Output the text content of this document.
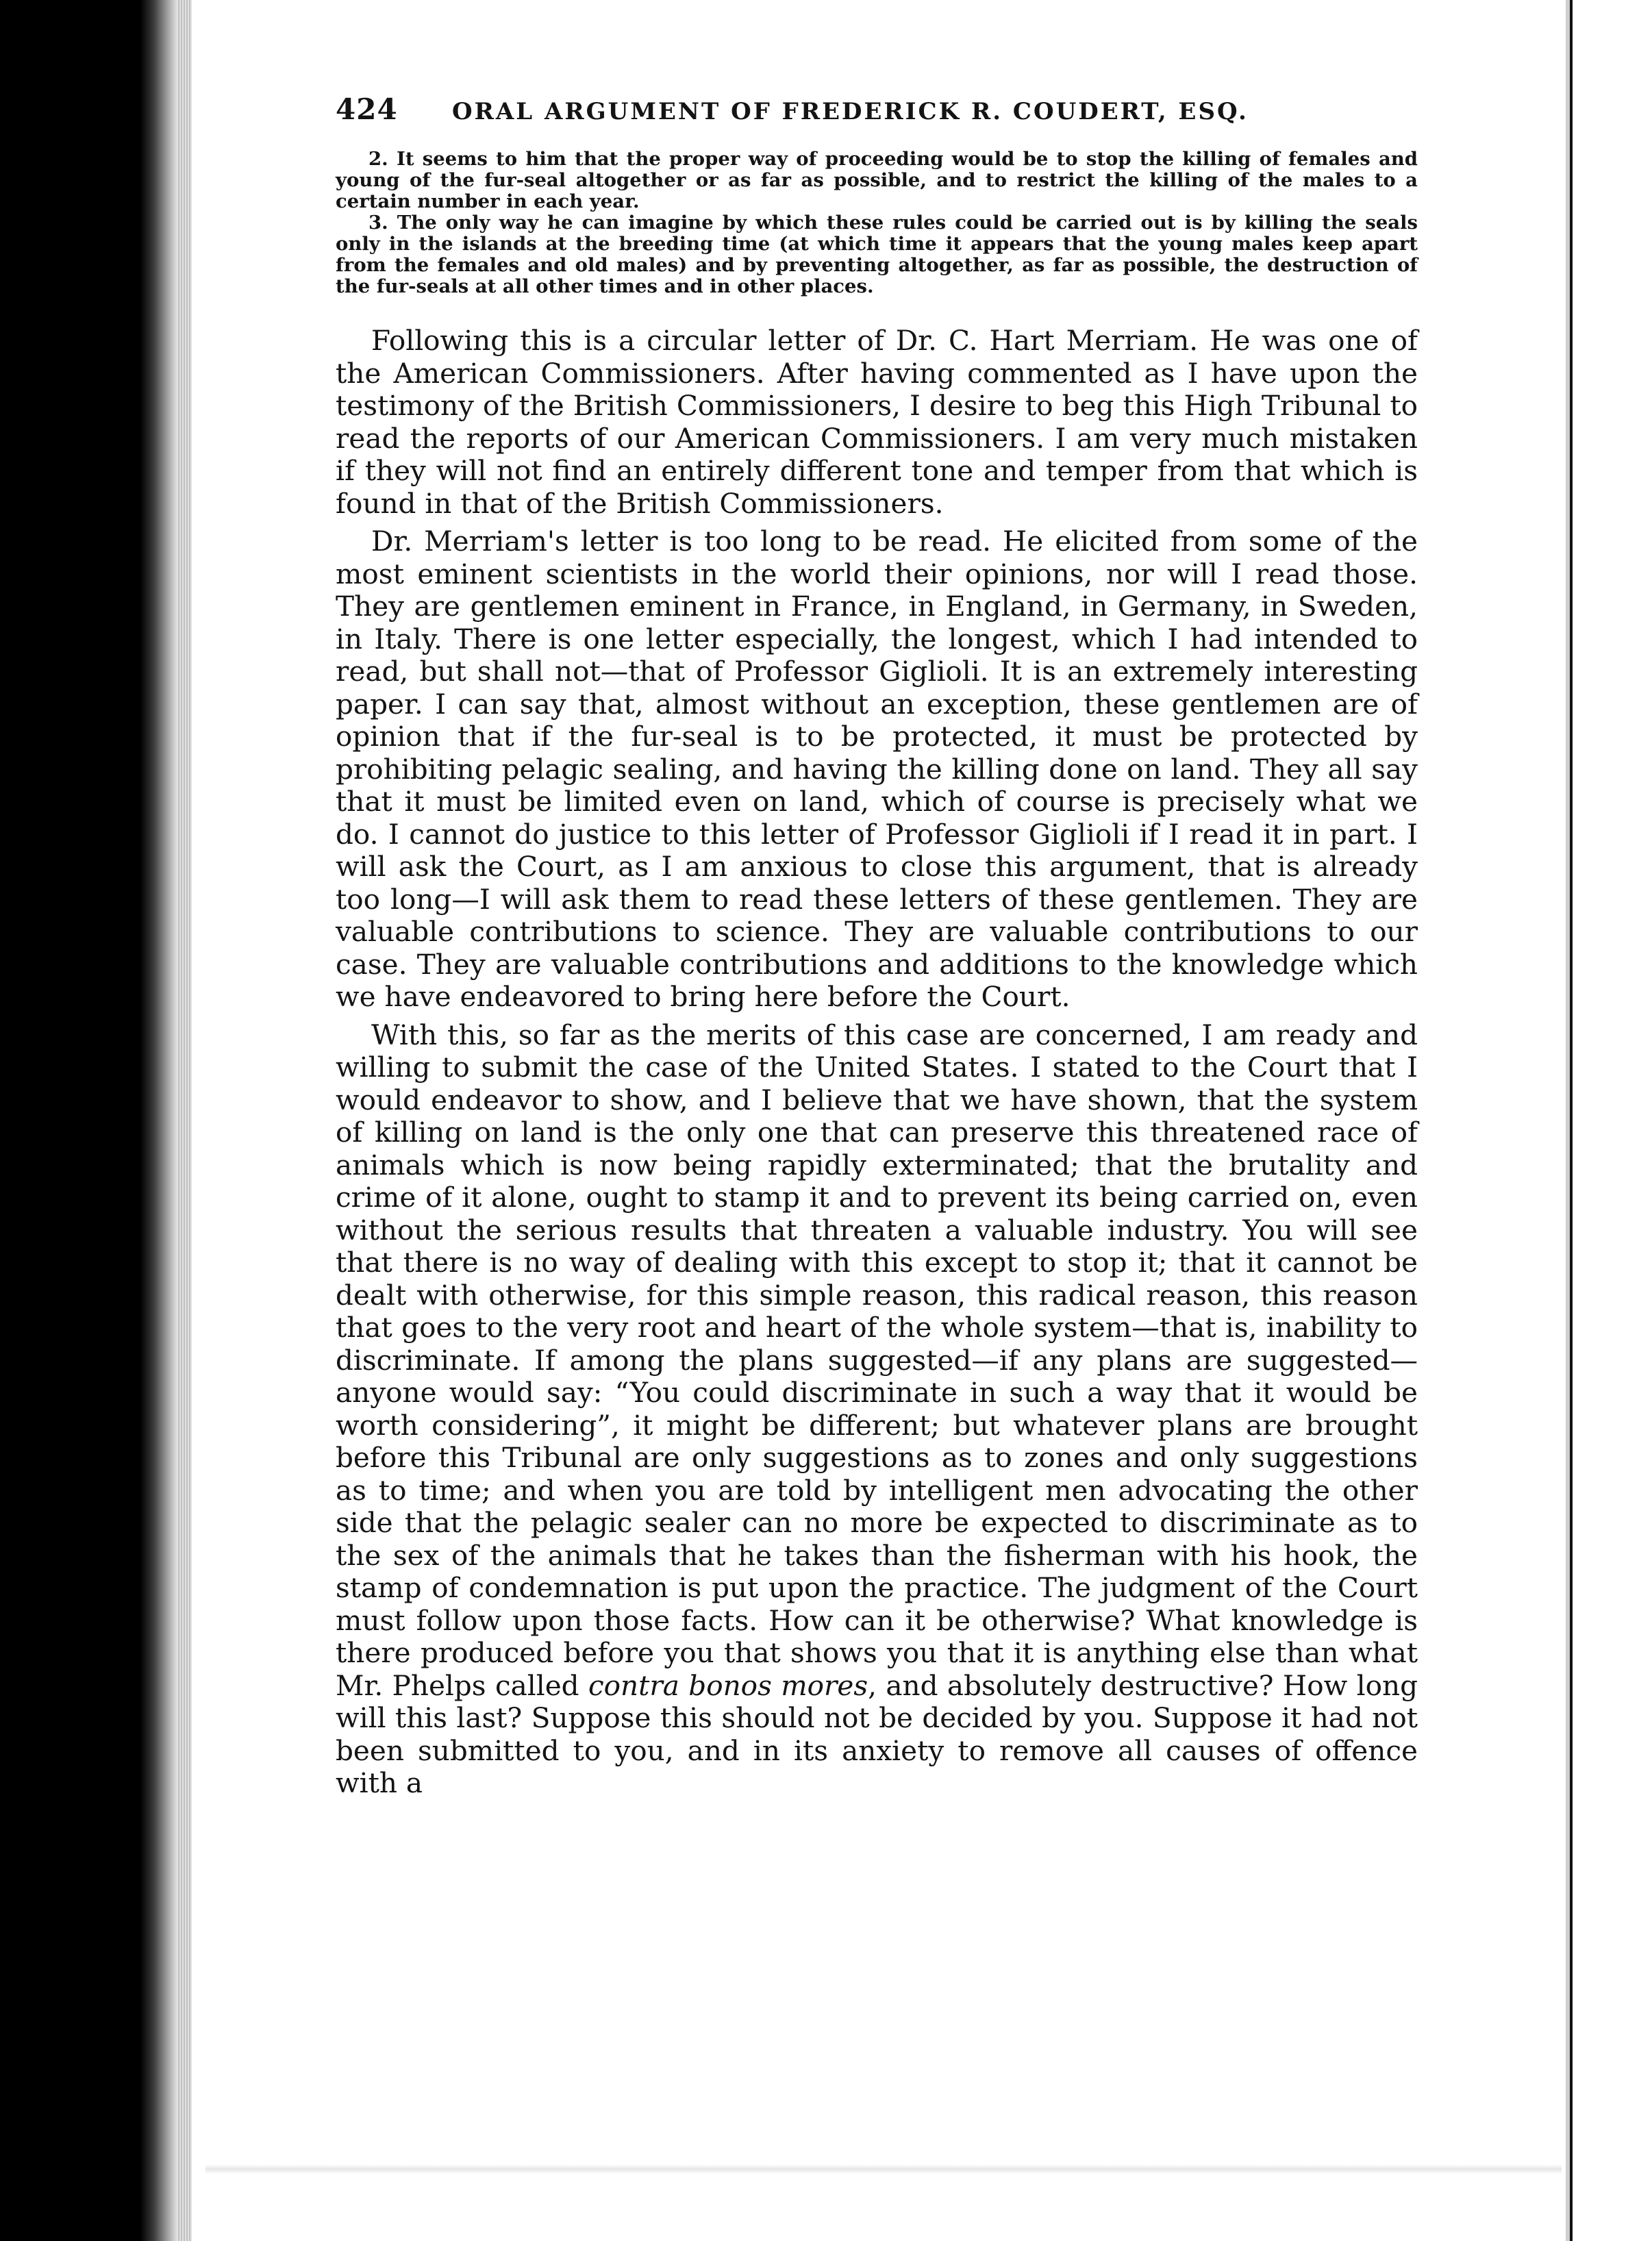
424	ORAL ARGUMENT OF FREDERICK R. COUDERT, ESQ.

2. It seems to him that the proper way of proceeding would be to stop the killing of females and young of the fur-seal altogether or as far as possible, and to restrict the killing of the males to a certain number in each year.

3. The only way he can imagine by which these rules could be carried out is by killing the seals only in the islands at the breeding time (at which time it appears that the young males keep apart from the females and old males) and by preventing altogether, as far as possible, the destruction of the fur-seals at all other times and in other places.

Following this is a circular letter of Dr. C. Hart Merriam. He was one of the American Commissioners. After having commented as I have upon the testimony of the British Commissioners, I desire to beg this High Tribunal to read the reports of our American Commissioners. I am very much mistaken if they will not find an entirely different tone and temper from that which is found in that of the British Commissioners.

Dr. Merriam's letter is too long to be read. He elicited from some of the most eminent scientists in the world their opinions, nor will I read those. They are gentlemen eminent in France, in England, in Germany, in Sweden, in Italy. There is one letter especially, the longest, which I had intended to read, but shall not—that of Professor Giglioli. It is an extremely interesting paper. I can say that, almost without an exception, these gentlemen are of opinion that if the fur-seal is to be protected, it must be protected by prohibiting pelagic sealing, and having the killing done on land. They all say that it must be limited even on land, which of course is precisely what we do. I cannot do justice to this letter of Professor Giglioli if I read it in part. I will ask the Court, as I am anxious to close this argument, that is already too long—I will ask them to read these letters of these gentlemen. They are valuable contributions to science. They are valuable contributions to our case. They are valuable contributions and additions to the knowledge which we have endeavored to bring here before the Court.

With this, so far as the merits of this case are concerned, I am ready and willing to submit the case of the United States. I stated to the Court that I would endeavor to show, and I believe that we have shown, that the system of killing on land is the only one that can preserve this threatened race of animals which is now being rapidly exterminated; that the brutality and crime of it alone, ought to stamp it and to prevent its being carried on, even without the serious results that threaten a valuable industry. You will see that there is no way of dealing with this except to stop it; that it cannot be dealt with otherwise, for this simple reason, this radical reason, this reason that goes to the very root and heart of the whole system—that is, inability to discriminate. If among the plans suggested—if any plans are suggested—anyone would say: “You could discriminate in such a way that it would be worth considering”, it might be different; but whatever plans are brought before this Tribunal are only suggestions as to zones and only suggestions as to time; and when you are told by intelligent men advocating the other side that the pelagic sealer can no more be expected to discriminate as to the sex of the animals that he takes than the fisherman with his hook, the stamp of condemnation is put upon the practice. The judgment of the Court must follow upon those facts. How can it be otherwise? What knowledge is there produced before you that shows you that it is anything else than what Mr. Phelps called contra bonos mores, and absolutely destructive? How long will this last? Suppose this should not be decided by you. Suppose it had not been submitted to you, and in its anxiety to remove all causes of offence with a
